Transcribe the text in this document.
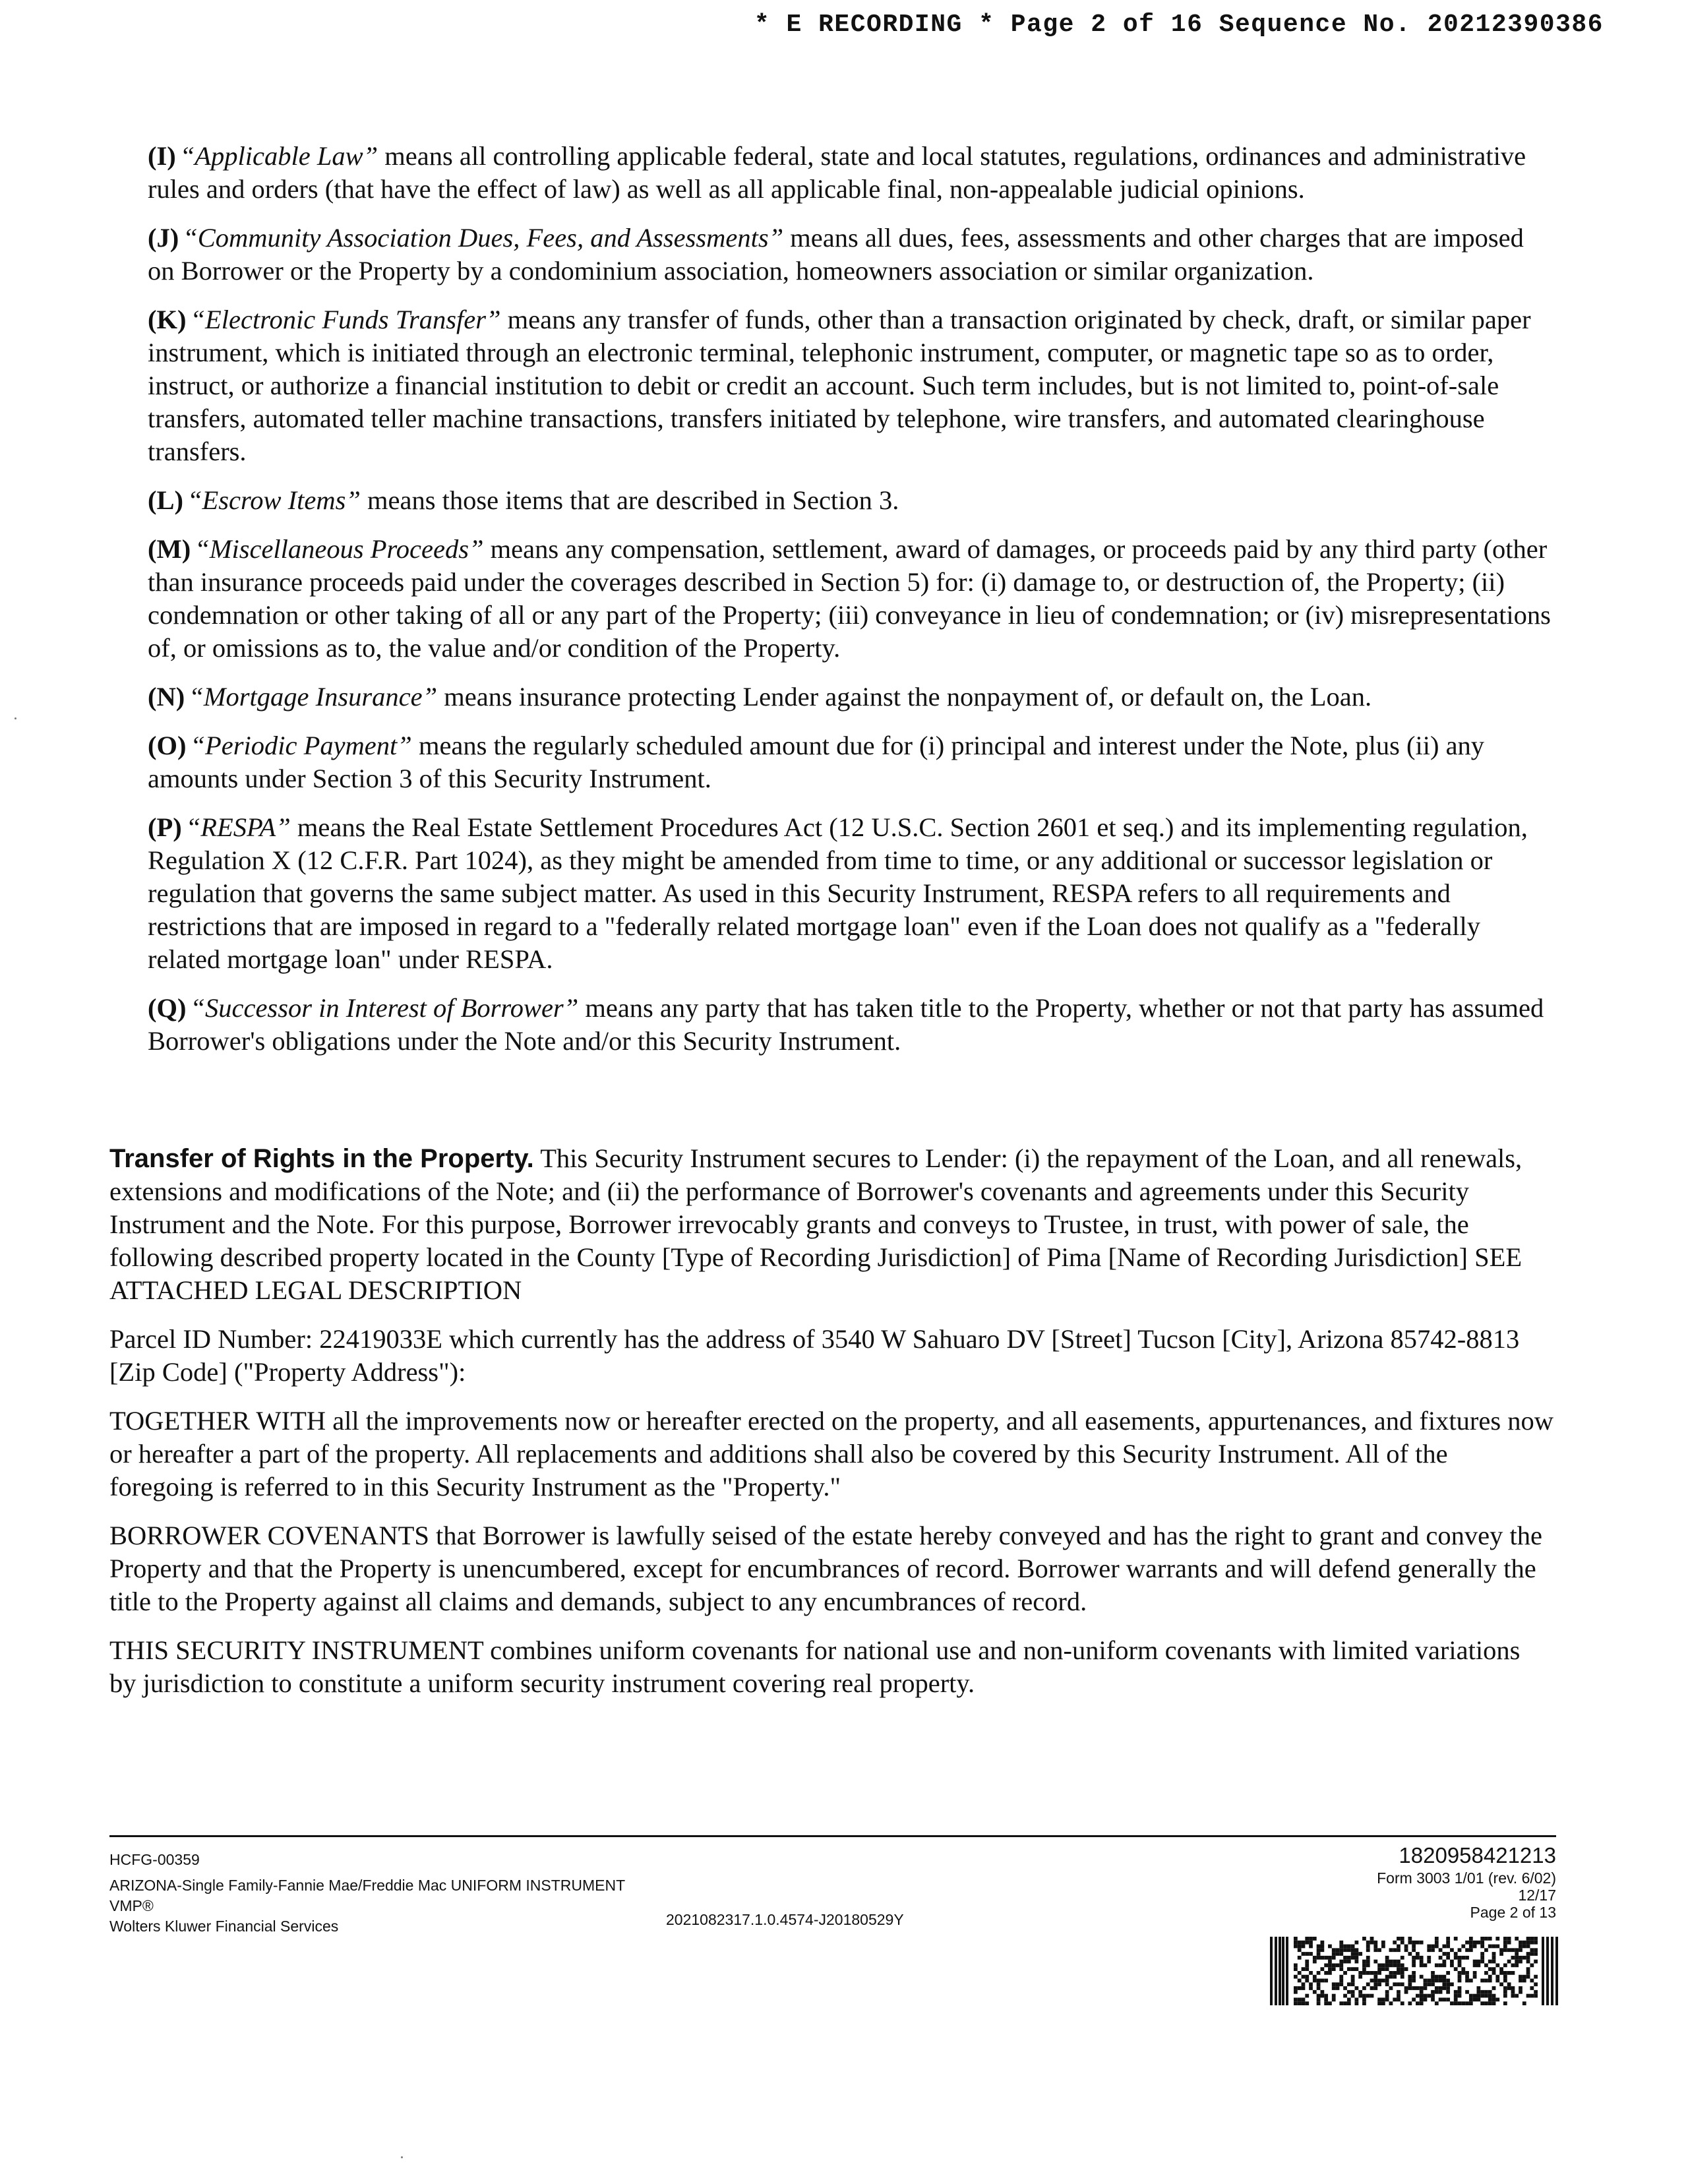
* E RECORDING * Page 2 of 16 Sequence No. 20212390386

(I) “Applicable Law” means all controlling applicable federal, state and local statutes, regulations, ordinances and administrative rules and orders (that have the effect of law) as well as all applicable final, non-appealable judicial opinions.

(J) “Community Association Dues, Fees, and Assessments” means all dues, fees, assessments and other charges that are imposed on Borrower or the Property by a condominium association, homeowners association or similar organization.

(K) “Electronic Funds Transfer” means any transfer of funds, other than a transaction originated by check, draft, or similar paper instrument, which is initiated through an electronic terminal, telephonic instrument, computer, or magnetic tape so as to order, instruct, or authorize a financial institution to debit or credit an account. Such term includes, but is not limited to, point-of-sale transfers, automated teller machine transactions, transfers initiated by telephone, wire transfers, and automated clearinghouse transfers.

(L) “Escrow Items” means those items that are described in Section 3.

(M) “Miscellaneous Proceeds” means any compensation, settlement, award of damages, or proceeds paid by any third party (other than insurance proceeds paid under the coverages described in Section 5) for: (i) damage to, or destruction of, the Property; (ii) condemnation or other taking of all or any part of the Property; (iii) conveyance in lieu of condemnation; or (iv) misrepresentations of, or omissions as to, the value and/or condition of the Property.

(N) “Mortgage Insurance” means insurance protecting Lender against the nonpayment of, or default on, the Loan.

(O) “Periodic Payment” means the regularly scheduled amount due for (i) principal and interest under the Note, plus (ii) any amounts under Section 3 of this Security Instrument.

(P) “RESPA” means the Real Estate Settlement Procedures Act (12 U.S.C. Section 2601 et seq.) and its implementing regulation, Regulation X (12 C.F.R. Part 1024), as they might be amended from time to time, or any additional or successor legislation or regulation that governs the same subject matter. As used in this Security Instrument, RESPA refers to all requirements and restrictions that are imposed in regard to a "federally related mortgage loan" even if the Loan does not qualify as a "federally related mortgage loan" under RESPA.

(Q) “Successor in Interest of Borrower” means any party that has taken title to the Property, whether or not that party has assumed Borrower's obligations under the Note and/or this Security Instrument.

Transfer of Rights in the Property. This Security Instrument secures to Lender: (i) the repayment of the Loan, and all renewals, extensions and modifications of the Note; and (ii) the performance of Borrower's covenants and agreements under this Security Instrument and the Note. For this purpose, Borrower irrevocably grants and conveys to Trustee, in trust, with power of sale, the following described property located in the County [Type of Recording Jurisdiction] of Pima [Name of Recording Jurisdiction] SEE ATTACHED LEGAL DESCRIPTION

Parcel ID Number: 22419033E which currently has the address of 3540 W Sahuaro DV [Street] Tucson [City], Arizona 85742-8813 [Zip Code] ("Property Address"):

TOGETHER WITH all the improvements now or hereafter erected on the property, and all easements, appurtenances, and fixtures now or hereafter a part of the property. All replacements and additions shall also be covered by this Security Instrument. All of the foregoing is referred to in this Security Instrument as the "Property."

BORROWER COVENANTS that Borrower is lawfully seised of the estate hereby conveyed and has the right to grant and convey the Property and that the Property is unencumbered, except for encumbrances of record. Borrower warrants and will defend generally the title to the Property against all claims and demands, subject to any encumbrances of record.

THIS SECURITY INSTRUMENT combines uniform covenants for national use and non-uniform covenants with limited variations by jurisdiction to constitute a uniform security instrument covering real property.

HCFG-00359
ARIZONA-Single Family-Fannie Mae/Freddie Mac UNIFORM INSTRUMENT
VMP®
Wolters Kluwer Financial Services	2021082317.1.0.4574-J20180529Y
1820958421213
Form 3003 1/01 (rev. 6/02)
12/17
Page 2 of 13
